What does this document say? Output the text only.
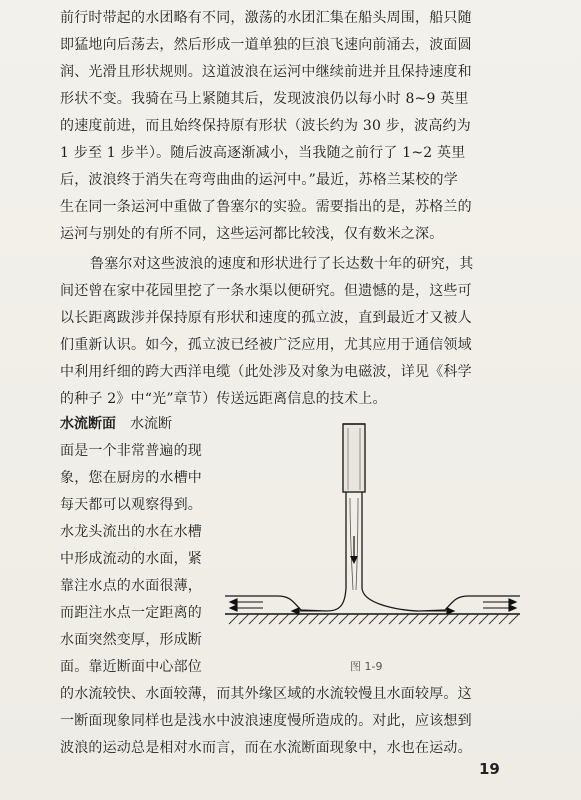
前行时带起的水团略有不同，激荡的水团汇集在船头周围，船只随
即猛地向后荡去，然后形成一道单独的巨浪飞速向前涌去，波面圆
润、光滑且形状规则。这道波浪在运河中继续前进并且保持速度和
形状不变。我骑在马上紧随其后，发现波浪仍以每小时 8~9 英里
的速度前进，而且始终保持原有形状（波长约为 30 步，波高约为
1 步至 1 步半）。随后波高逐渐减小，当我随之前行了 1~2 英里
后，波浪终于消失在弯弯曲曲的运河中。”最近，苏格兰某校的学
生在同一条运河中重做了鲁塞尔的实验。需要指出的是，苏格兰的
运河与别处的有所不同，这些运河都比较浅，仅有数米之深。
鲁塞尔对这些波浪的速度和形状进行了长达数十年的研究，其
间还曾在家中花园里挖了一条水渠以便研究。但遗憾的是，这些可
以长距离跋涉并保持原有形状和速度的孤立波，直到最近才又被人
们重新认识。如今，孤立波已经被广泛应用，尤其应用于通信领域
中利用纤细的跨大西洋电缆（此处涉及对象为电磁波，详见《科学
的种子 2》中“光”章节）传送远距离信息的技术上。
水流断面 水流断
面是一个非常普遍的现
象，您在厨房的水槽中
每天都可以观察得到。
水龙头流出的水在水槽
中形成流动的水面，紧
靠注水点的水面很薄，
而距注水点一定距离的
水面突然变厚，形成断
面。靠近断面中心部位	图 1-9
的水流较快、水面较薄，而其外缘区域的水流较慢且水面较厚。这
一断面现象同样也是浅水中波浪速度慢所造成的。对此，应该想到
波浪的运动总是相对水而言，而在水流断面现象中，水也在运动。
19
